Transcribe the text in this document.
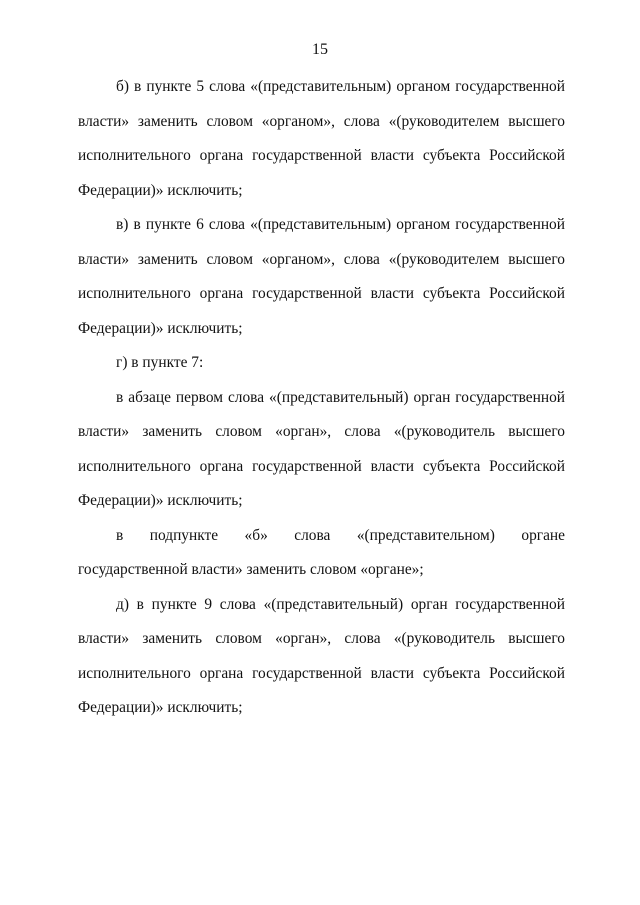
15

б) в пункте 5 слова «(представительным) органом государственной власти» заменить словом «органом», слова «(руководителем высшего исполнительного органа государственной власти субъекта Российской Федерации)» исключить;

в) в пункте 6 слова «(представительным) органом государственной власти» заменить словом «органом», слова «(руководителем высшего исполнительного органа государственной власти субъекта Российской Федерации)» исключить;

г) в пункте 7:

в абзаце первом слова «(представительный) орган государственной власти» заменить словом «орган», слова «(руководитель высшего исполнительного органа государственной власти субъекта Российской Федерации)» исключить;

в подпункте «б» слова «(представительном) органе государственной власти» заменить словом «органе»;

д) в пункте 9 слова «(представительный) орган государственной власти» заменить словом «орган», слова «(руководитель высшего исполнительного органа государственной власти субъекта Российской Федерации)» исключить;
